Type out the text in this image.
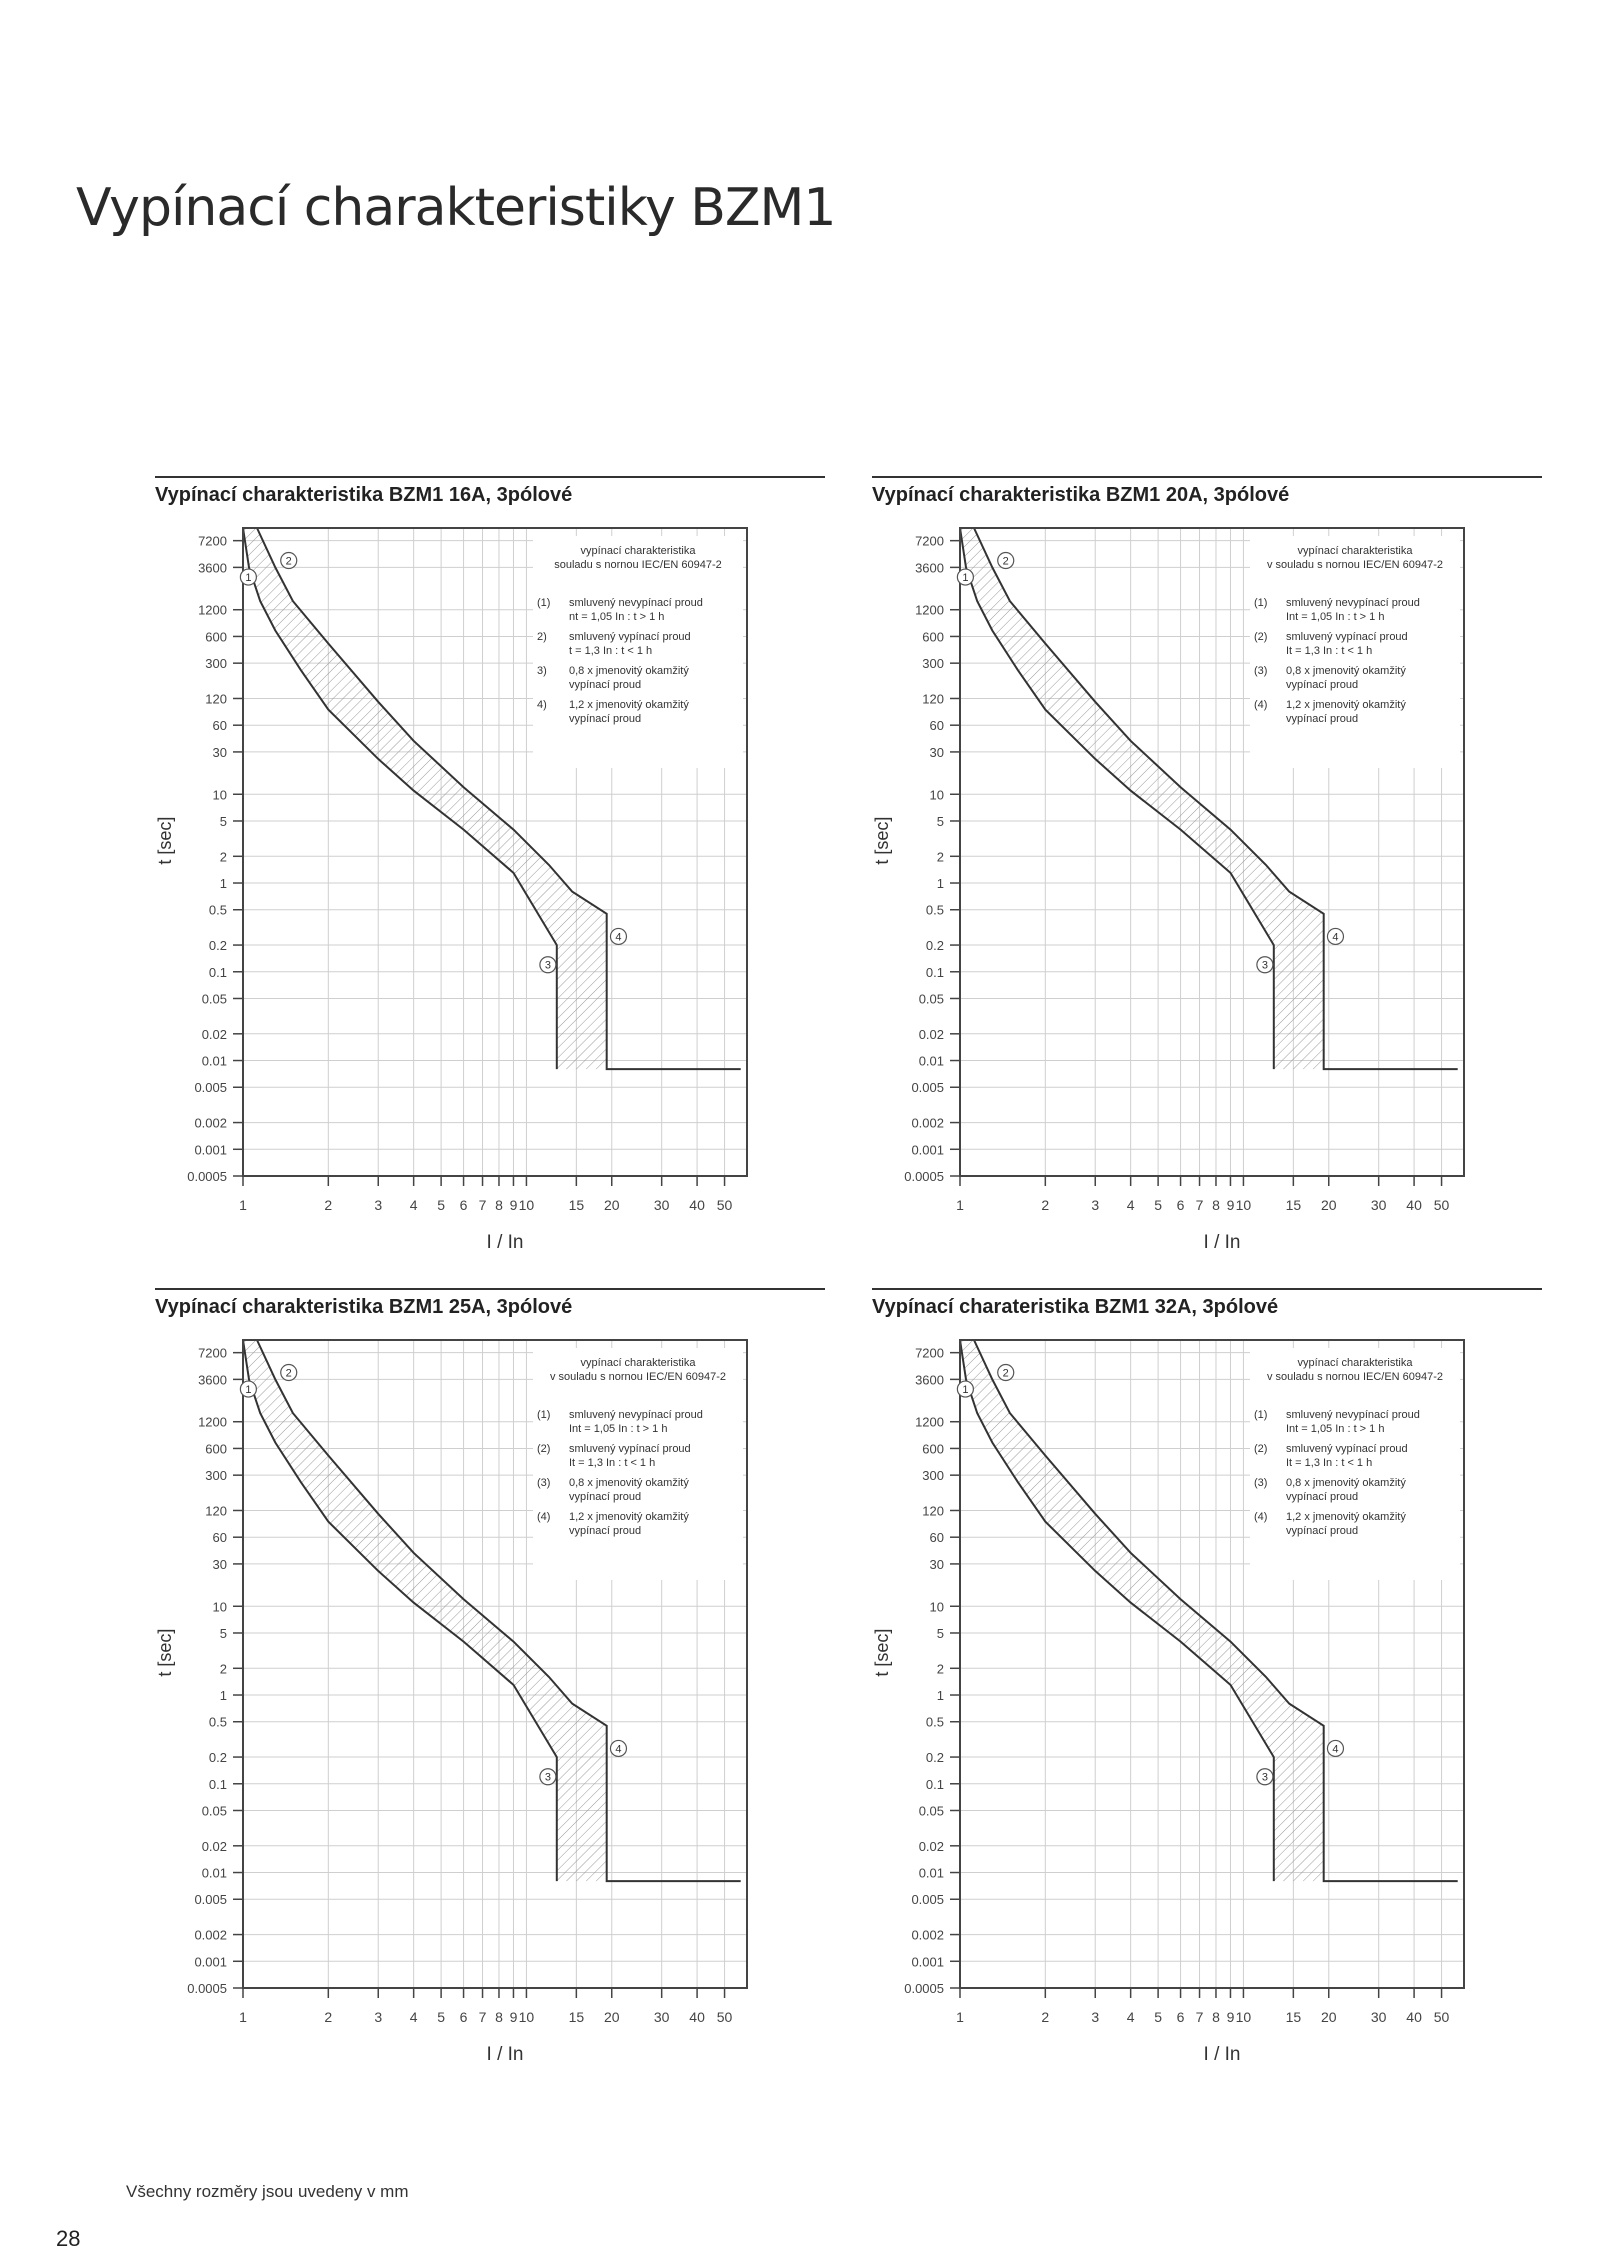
Vypínací charakteristiky BZM1
Vypínací charakteristika BZM1 16A, 3pólové
7200
3600
1200
600
300
120
60
30
10
5
2
1
0.5
0.2
0.1
0.05
0.02
0.01
0.005
0.002
0.001
0.0005
1	2	3 4 5 6 7 8 9 10 15 20 30 40 50
I / In
t [sec]
1
2
3
4
vypínací charakteristika
souladu s nornou IEC/EN 60947-2
(1) smluvený nevypínací proud
nt = 1,05 In : t > 1 h
2) smluvený vypínací proud
t = 1,3 In : t < 1 h
3) 0,8 x jmenovitý okamžitý
vypínací proud
4) 1,2 x jmenovitý okamžitý
vypínací proud
Vypínací charakteristika BZM1 20A, 3pólové
7200
3600
1200
600
300
120
60
30
10
5
2
1
0.5
0.2
0.1
0.05
0.02
0.01
0.005
0.002
0.001
0.0005
1	2	3 4 5 6 7 8 9 10 15 20 30 40 50
I / In
t [sec]
1
2
3
4
vypínací charakteristika
v souladu s nornou IEC/EN 60947-2
(1) smluvený nevypínací proud
Int = 1,05 In : t > 1 h
(2) smluvený vypínací proud
It = 1,3 In : t < 1 h
(3) 0,8 x jmenovitý okamžitý
vypínací proud
(4) 1,2 x jmenovitý okamžitý
vypínací proud
Vypínací charakteristika BZM1 25A, 3pólové
7200
3600
1200
600
300
120
60
30
10
5
2
1
0.5
0.2
0.1
0.05
0.02
0.01
0.005
0.002
0.001
0.0005
1	2	3 4 5 6 7 8 9 10 15 20 30 40 50
I / In
t [sec]
1
2
3
4
vypínací charakteristika
v souladu s nornou IEC/EN 60947-2
(1) smluvený nevypínací proud
Int = 1,05 In : t > 1 h
(2) smluvený vypínací proud
It = 1,3 In : t < 1 h
(3) 0,8 x jmenovitý okamžitý
vypínací proud
(4) 1,2 x jmenovitý okamžitý
vypínací proud
Vypínací charateristika BZM1 32A, 3pólové
7200
3600
1200
600
300
120
60
30
10
5
2
1
0.5
0.2
0.1
0.05
0.02
0.01
0.005
0.002
0.001
0.0005
1	2	3 4 5 6 7 8 9 10 15 20 30 40 50
I / In
t [sec]
1
2
3
4
vypínací charakteristika
v souladu s nornou IEC/EN 60947-2
(1) smluvený nevypínací proud
Int = 1,05 In : t > 1 h
(2) smluvený vypínací proud
It = 1,3 In : t < 1 h
(3) 0,8 x jmenovitý okamžitý
vypínací proud
(4) 1,2 x jmenovitý okamžitý
vypínací proud
Všechny rozměry jsou uvedeny v mm
28
